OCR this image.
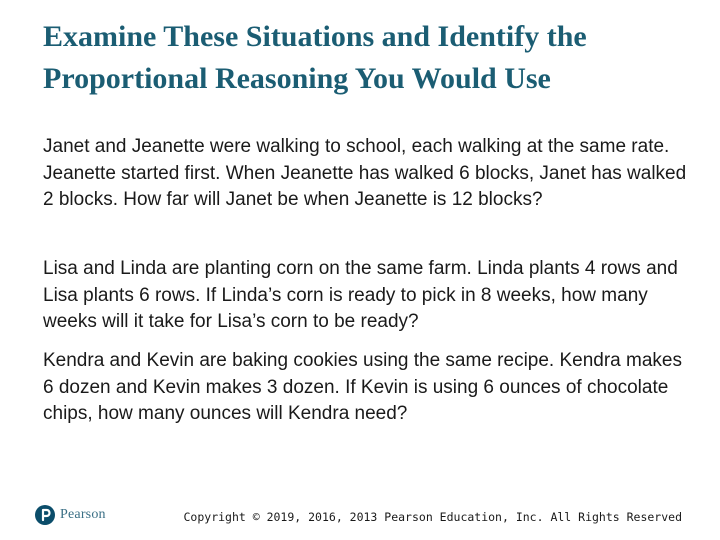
Examine These Situations and Identify the Proportional Reasoning You Would Use

Janet and Jeanette were walking to school, each walking at the same rate. Jeanette started first. When Jeanette has walked 6 blocks, Janet has walked 2 blocks. How far will Janet be when Jeanette is 12 blocks?

Lisa and Linda are planting corn on the same farm. Linda plants 4 rows and Lisa plants 6 rows. If Linda’s corn is ready to pick in 8 weeks, how many weeks will it take for Lisa’s corn to be ready?

Kendra and Kevin are baking cookies using the same recipe. Kendra makes 6 dozen and Kevin makes 3 dozen. If Kevin is using 6 ounces of chocolate chips, how many ounces will Kendra need?

Pearson	Copyright © 2019, 2016, 2013 Pearson Education, Inc. All Rights Reserved
